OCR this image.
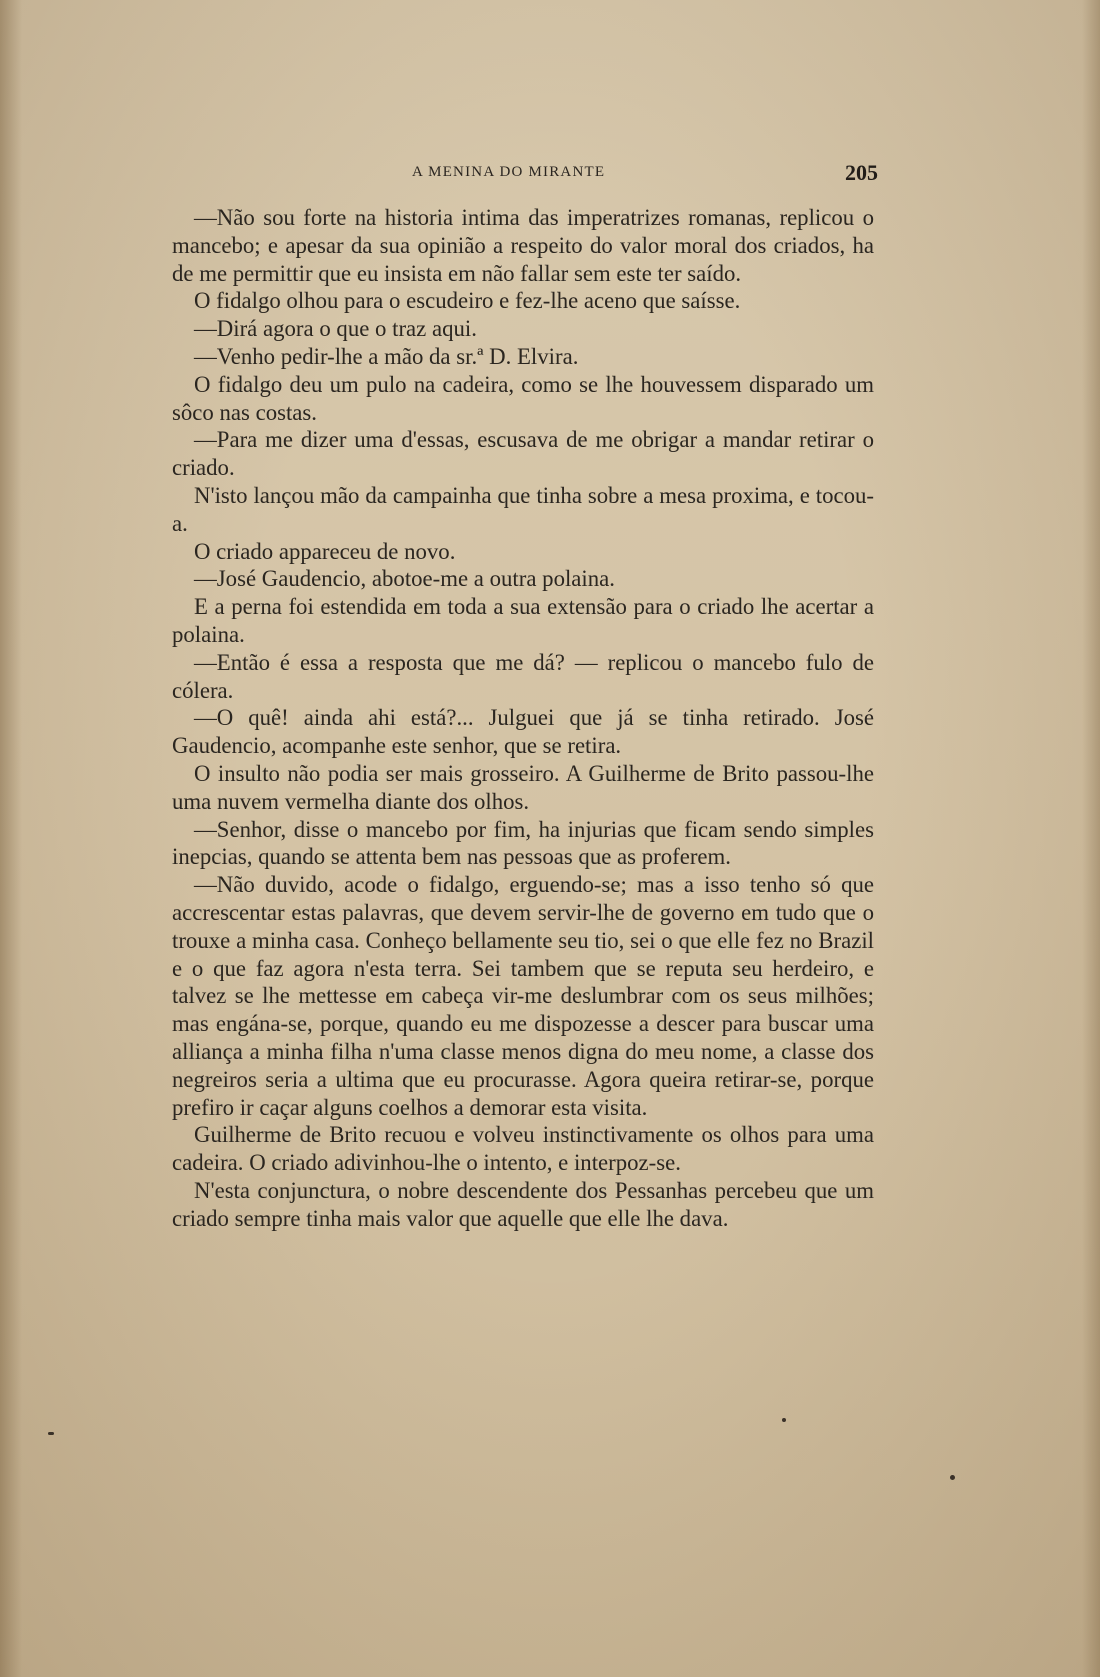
A MENINA DO MIRANTE	205

—Não sou forte na historia intima das imperatrizes romanas, replicou o mancebo; e apesar da sua opinião a respeito do valor moral dos criados, ha de me permittir que eu insista em não fallar sem este ter saído.

O fidalgo olhou para o escudeiro e fez-lhe aceno que saísse.

—Dirá agora o que o traz aqui.

—Venho pedir-lhe a mão da sr.ª D. Elvira.

O fidalgo deu um pulo na cadeira, como se lhe houvessem disparado um sôco nas costas.

—Para me dizer uma d'essas, escusava de me obrigar a mandar retirar o criado.

N'isto lançou mão da campainha que tinha sobre a mesa proxima, e tocou-a.

O criado appareceu de novo.

—José Gaudencio, abotoe-me a outra polaina.

E a perna foi estendida em toda a sua extensão para o criado lhe acertar a polaina.

—Então é essa a resposta que me dá? — replicou o mancebo fulo de cólera.

—O quê! ainda ahi está?... Julguei que já se tinha retirado. José Gaudencio, acompanhe este senhor, que se retira.

O insulto não podia ser mais grosseiro. A Guilherme de Brito passou-lhe uma nuvem vermelha diante dos olhos.

—Senhor, disse o mancebo por fim, ha injurias que ficam sendo simples inepcias, quando se attenta bem nas pessoas que as proferem.

—Não duvido, acode o fidalgo, erguendo-se; mas a isso tenho só que accrescentar estas palavras, que devem servir-lhe de governo em tudo que o trouxe a minha casa. Conheço bellamente seu tio, sei o que elle fez no Brazil e o que faz agora n'esta terra. Sei tambem que se reputa seu herdeiro, e talvez se lhe mettesse em cabeça vir-me deslumbrar com os seus milhões; mas engána-se, porque, quando eu me dispozesse a descer para buscar uma alliança a minha filha n'uma classe menos digna do meu nome, a classe dos negreiros seria a ultima que eu procurasse. Agora queira retirar-se, porque prefiro ir caçar alguns coelhos a demorar esta visita.

Guilherme de Brito recuou e volveu instinctivamente os olhos para uma cadeira. O criado adivinhou-lhe o intento, e interpoz-se.

N'esta conjunctura, o nobre descendente dos Pessanhas percebeu que um criado sempre tinha mais valor que aquelle que elle lhe dava.
